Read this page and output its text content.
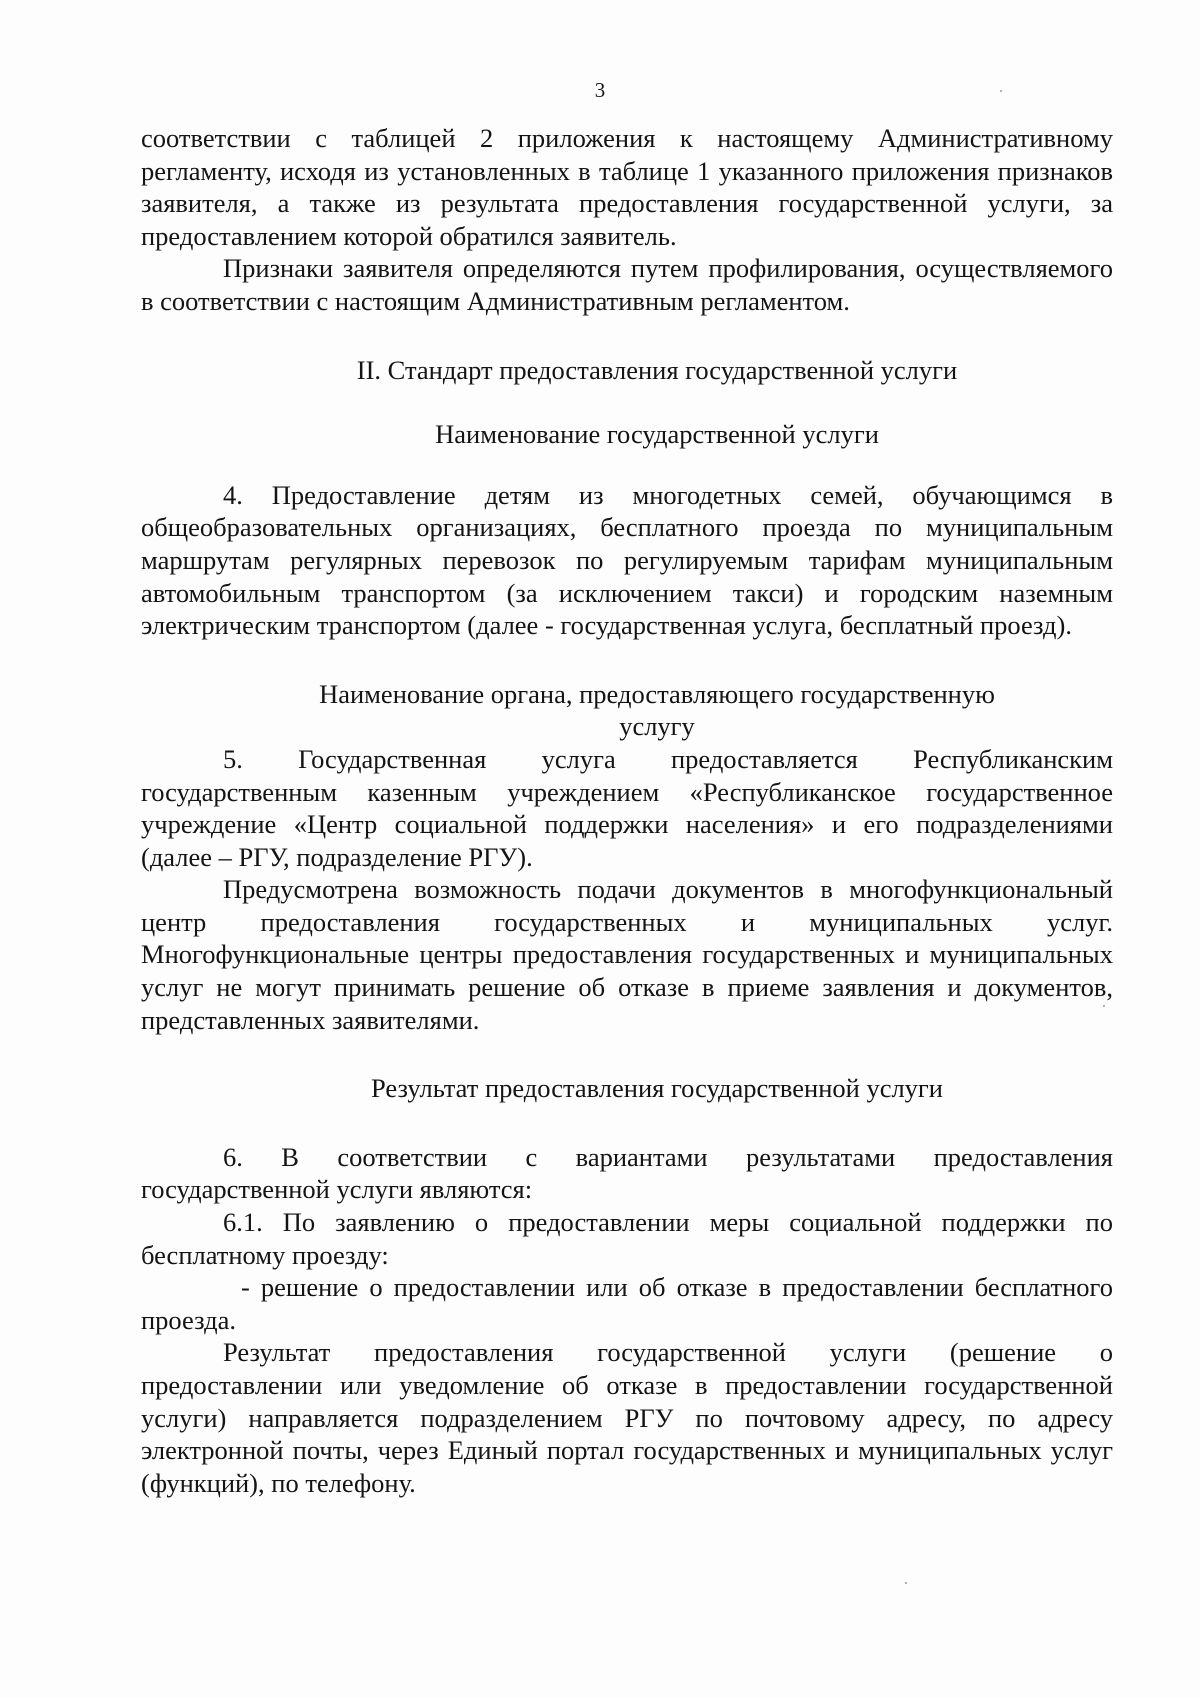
3

соответствии с таблицей 2 приложения к настоящему Административному регламенту, исходя из установленных в таблице 1 указанного приложения признаков заявителя, а также из результата предоставления государственной услуги, за предоставлением которой обратился заявитель.

Признаки заявителя определяются путем профилирования, осуществляемого в соответствии с настоящим Административным регламентом.

II. Стандарт предоставления государственной услуги

Наименование государственной услуги

4. Предоставление детям из многодетных семей, обучающимся в общеобразовательных организациях, бесплатного проезда по муниципальным маршрутам регулярных перевозок по регулируемым тарифам муниципальным автомобильным транспортом (за исключением такси) и городским наземным электрическим транспортом (далее - государственная услуга, бесплатный проезд).

Наименование органа, предоставляющего государственную

услугу

5. Государственная услуга предоставляется Республиканским государственным казенным учреждением «Республиканское государственное учреждение «Центр социальной поддержки населения» и его подразделениями (далее – РГУ, подразделение РГУ).

Предусмотрена возможность подачи документов в многофункциональный центр предоставления государственных и муниципальных услуг. Многофункциональные центры предоставления государственных и муниципальных услуг не могут принимать решение об отказе в приеме заявления и документов, представленных заявителями.

Результат предоставления государственной услуги

6. В соответствии с вариантами результатами предоставления государственной услуги являются:

6.1. По заявлению о предоставлении меры социальной поддержки по бесплатному проезду:

- решение о предоставлении или об отказе в предоставлении бесплатного проезда.

Результат предоставления государственной услуги (решение о предоставлении или уведомление об отказе в предоставлении государственной услуги) направляется подразделением РГУ по почтовому адресу, по адресу электронной почты, через Единый портал государственных и муниципальных услуг (функций), по телефону.
